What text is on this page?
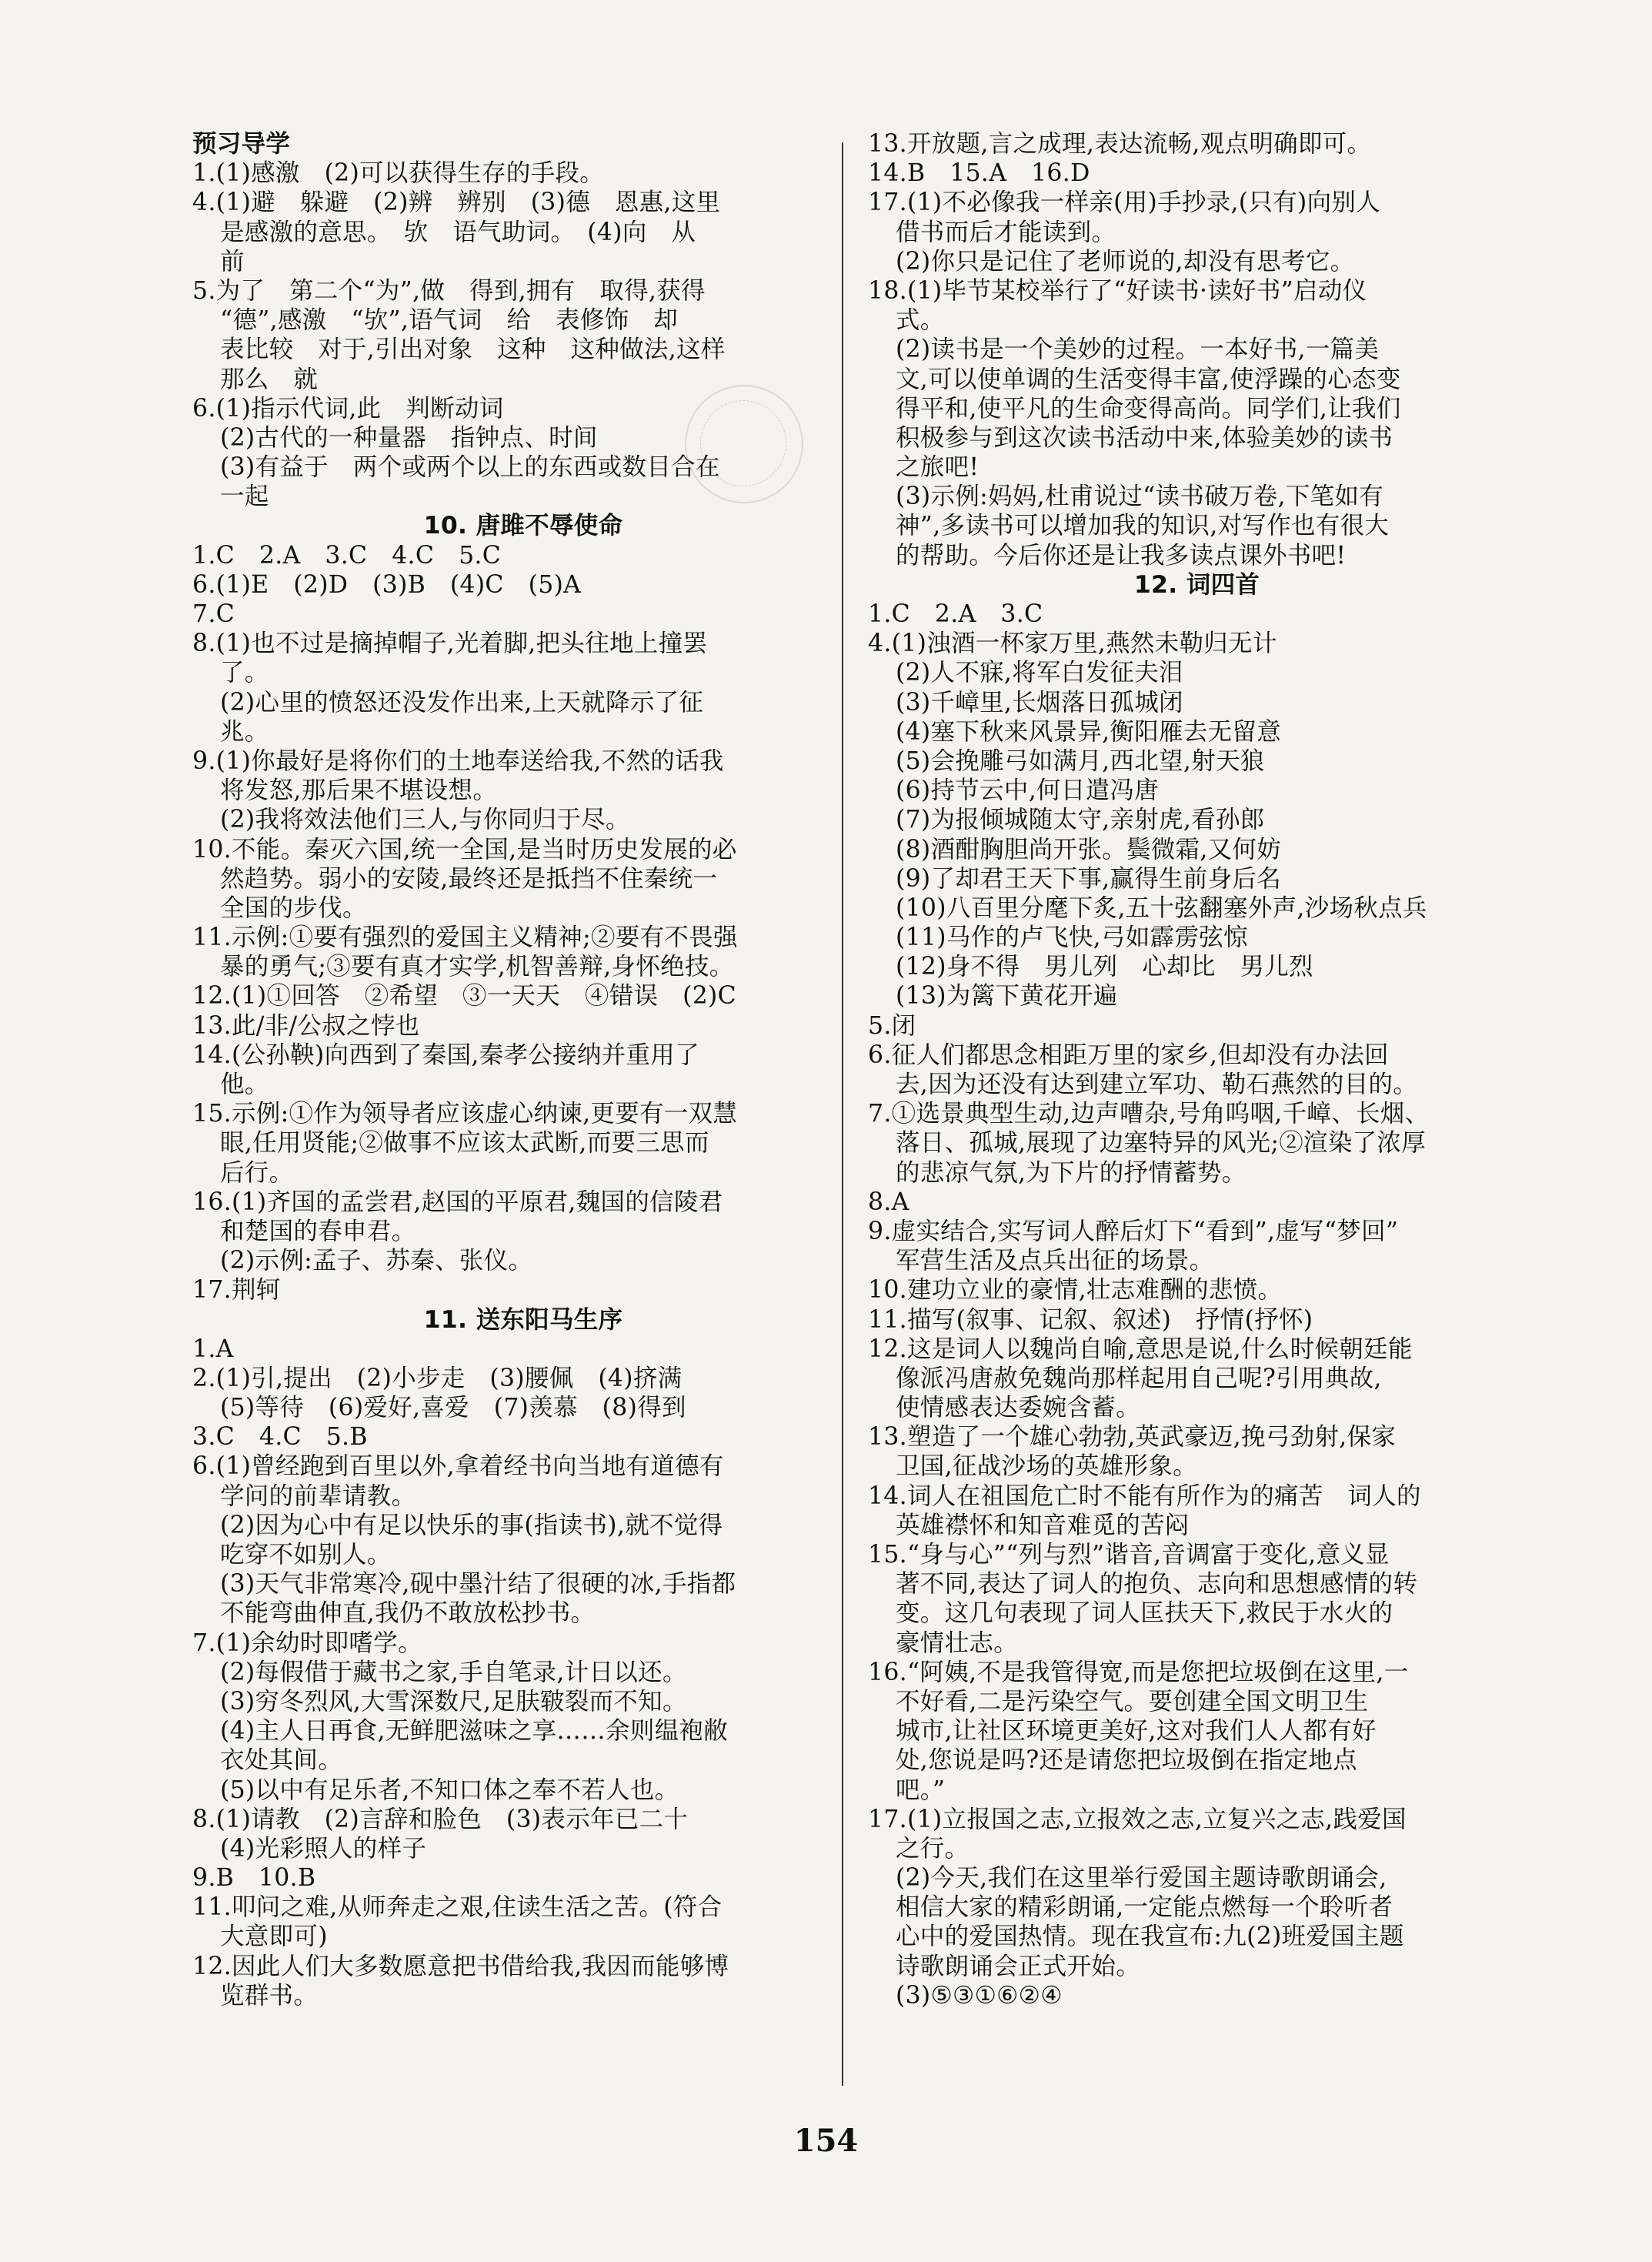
预习导学
1.(1)感激　(2)可以获得生存的手段。
4.(1)避　躲避　(2)辨　辨别　(3)德　恩惠,这里
是感激的意思。　欤　语气助词。　(4)向　从
前
5.为了　第二个“为”,做　得到,拥有　取得,获得
“德”,感激　“欤”,语气词　给　表修饰　却
表比较　对于,引出对象　这种　这种做法,这样
那么　就
6.(1)指示代词,此　判断动词
(2)古代的一种量器　指钟点、时间
(3)有益于　两个或两个以上的东西或数目合在
一起
10. 唐雎不辱使命
1.C　2.A　3.C　4.C　5.C
6.(1)E　(2)D　(3)B　(4)C　(5)A
7.C
8.(1)也不过是摘掉帽子,光着脚,把头往地上撞罢
了。
(2)心里的愤怒还没发作出来,上天就降示了征
兆。
9.(1)你最好是将你们的土地奉送给我,不然的话我
将发怒,那后果不堪设想。
(2)我将效法他们三人,与你同归于尽。
10.不能。秦灭六国,统一全国,是当时历史发展的必
然趋势。弱小的安陵,最终还是抵挡不住秦统一
全国的步伐。
11.示例:①要有强烈的爱国主义精神;②要有不畏强
暴的勇气;③要有真才实学,机智善辩,身怀绝技。
12.(1)①回答　②希望　③一天天　④错误　(2)C
13.此/非/公叔之悖也
14.(公孙鞅)向西到了秦国,秦孝公接纳并重用了
他。
15.示例:①作为领导者应该虚心纳谏,更要有一双慧
眼,任用贤能;②做事不应该太武断,而要三思而
后行。
16.(1)齐国的孟尝君,赵国的平原君,魏国的信陵君
和楚国的春申君。
(2)示例:孟子、苏秦、张仪。
17.荆轲
11. 送东阳马生序
1.A
2.(1)引,提出　(2)小步走　(3)腰佩　(4)挤满
(5)等待　(6)爱好,喜爱　(7)羡慕　(8)得到
3.C　4.C　5.B
6.(1)曾经跑到百里以外,拿着经书向当地有道德有
学问的前辈请教。
(2)因为心中有足以快乐的事(指读书),就不觉得
吃穿不如别人。
(3)天气非常寒冷,砚中墨汁结了很硬的冰,手指都
不能弯曲伸直,我仍不敢放松抄书。
7.(1)余幼时即嗜学。
(2)每假借于藏书之家,手自笔录,计日以还。
(3)穷冬烈风,大雪深数尺,足肤皲裂而不知。
(4)主人日再食,无鲜肥滋味之享……余则缊袍敝
衣处其间。
(5)以中有足乐者,不知口体之奉不若人也。
8.(1)请教　(2)言辞和脸色　(3)表示年已二十
(4)光彩照人的样子
9.B　10.B
11.叩问之难,从师奔走之艰,住读生活之苦。(符合
大意即可)
12.因此人们大多数愿意把书借给我,我因而能够博
览群书。
13.开放题,言之成理,表达流畅,观点明确即可。
14.B　15.A　16.D
17.(1)不必像我一样亲(用)手抄录,(只有)向别人
借书而后才能读到。
(2)你只是记住了老师说的,却没有思考它。
18.(1)毕节某校举行了“好读书·读好书”启动仪
式。
(2)读书是一个美妙的过程。一本好书,一篇美
文,可以使单调的生活变得丰富,使浮躁的心态变
得平和,使平凡的生命变得高尚。同学们,让我们
积极参与到这次读书活动中来,体验美妙的读书
之旅吧!
(3)示例:妈妈,杜甫说过“读书破万卷,下笔如有
神”,多读书可以增加我的知识,对写作也有很大
的帮助。今后你还是让我多读点课外书吧!
12. 词四首
1.C　2.A　3.C
4.(1)浊酒一杯家万里,燕然未勒归无计
(2)人不寐,将军白发征夫泪
(3)千嶂里,长烟落日孤城闭
(4)塞下秋来风景异,衡阳雁去无留意
(5)会挽雕弓如满月,西北望,射天狼
(6)持节云中,何日遣冯唐
(7)为报倾城随太守,亲射虎,看孙郎
(8)酒酣胸胆尚开张。鬓微霜,又何妨
(9)了却君王天下事,赢得生前身后名
(10)八百里分麾下炙,五十弦翻塞外声,沙场秋点兵
(11)马作的卢飞快,弓如霹雳弦惊
(12)身不得　男儿列　心却比　男儿烈
(13)为篱下黄花开遍
5.闭
6.征人们都思念相距万里的家乡,但却没有办法回
去,因为还没有达到建立军功、勒石燕然的目的。
7.①选景典型生动,边声嘈杂,号角呜咽,千嶂、长烟、
落日、孤城,展现了边塞特异的风光;②渲染了浓厚
的悲凉气氛,为下片的抒情蓄势。
8.A
9.虚实结合,实写词人醉后灯下“看到”,虚写“梦回”
军营生活及点兵出征的场景。
10.建功立业的豪情,壮志难酬的悲愤。
11.描写(叙事、记叙、叙述)　抒情(抒怀)
12.这是词人以魏尚自喻,意思是说,什么时候朝廷能
像派冯唐赦免魏尚那样起用自己呢?引用典故,
使情感表达委婉含蓄。
13.塑造了一个雄心勃勃,英武豪迈,挽弓劲射,保家
卫国,征战沙场的英雄形象。
14.词人在祖国危亡时不能有所作为的痛苦　词人的
英雄襟怀和知音难觅的苦闷
15.“身与心”“列与烈”谐音,音调富于变化,意义显
著不同,表达了词人的抱负、志向和思想感情的转
变。这几句表现了词人匡扶天下,救民于水火的
豪情壮志。
16.“阿姨,不是我管得宽,而是您把垃圾倒在这里,一
不好看,二是污染空气。要创建全国文明卫生
城市,让社区环境更美好,这对我们人人都有好
处,您说是吗?还是请您把垃圾倒在指定地点
吧。”
17.(1)立报国之志,立报效之志,立复兴之志,践爱国
之行。
(2)今天,我们在这里举行爱国主题诗歌朗诵会,
相信大家的精彩朗诵,一定能点燃每一个聆听者
心中的爱国热情。现在我宣布:九(2)班爱国主题
诗歌朗诵会正式开始。
(3)⑤③①⑥②④
154
